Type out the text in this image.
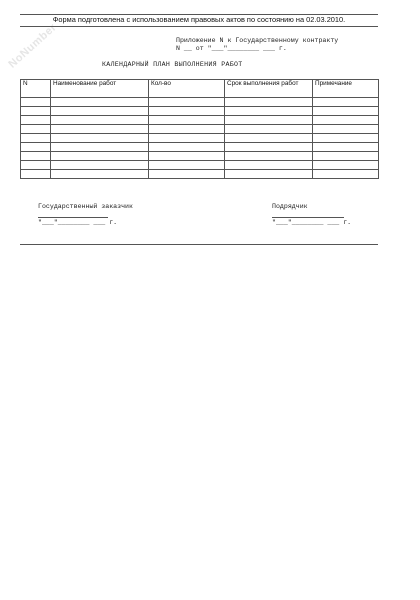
NoNumber
Форма подготовлена с использованием правовых актов по состоянию на 02.03.2010.
Приложение N к Государственному контракту
N __ от "___"________ ___ г.
КАЛЕНДАРНЫЙ ПЛАН ВЫПОЛНЕНИЯ РАБОТ
N	Наименование работ	Кол-во	Срок выполнения работ	Примечание

Государственный заказчик
"___"________ ___ г.
Подрядчик
"___"________ ___ г.
